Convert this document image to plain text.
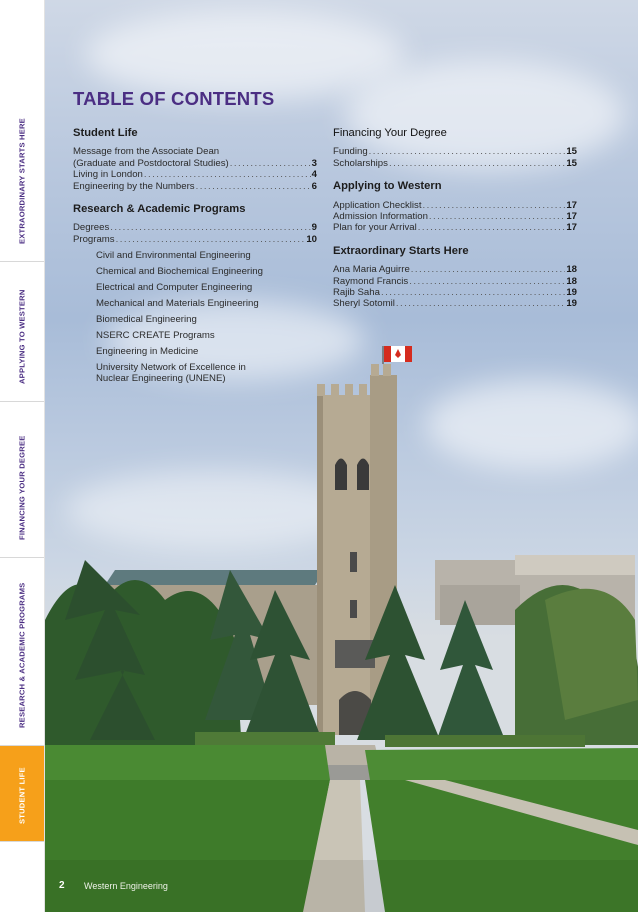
EXTRAORDINARY STARTS HERE
APPLYING TO WESTERN
FINANCING YOUR DEGREE
RESEARCH & ACADEMIC PROGRAMS
STUDENT LIFE
TABLE OF CONTENTS
Student Life
Message from the Associate Dean
(Graduate and Postdoctoral Studies) . . .	3
Living in London . . .	4
Engineering by the Numbers . . .	6
Research & Academic Programs
Degrees . . .	9
Programs . . .	10
Civil and Environmental Engineering
Chemical and Biochemical Engineering
Electrical and Computer Engineering
Mechanical and Materials Engineering
Biomedical Engineering
NSERC CREATE Programs
Engineering in Medicine
University Network of Excellence in Nuclear Engineering (UNENE)
Financing Your Degree
Funding . . .	15
Scholarships . . .	15
Applying to Western
Application Checklist . . .	17
Admission Information . . .	17
Plan for your Arrival . . .	17
Extraordinary Starts Here
Ana Maria Aguirre . . .	18
Raymond Francis . . .	18
Rajib Saha . . .	19
Sheryl Sotomil . . .	19
2 Western Engineering
